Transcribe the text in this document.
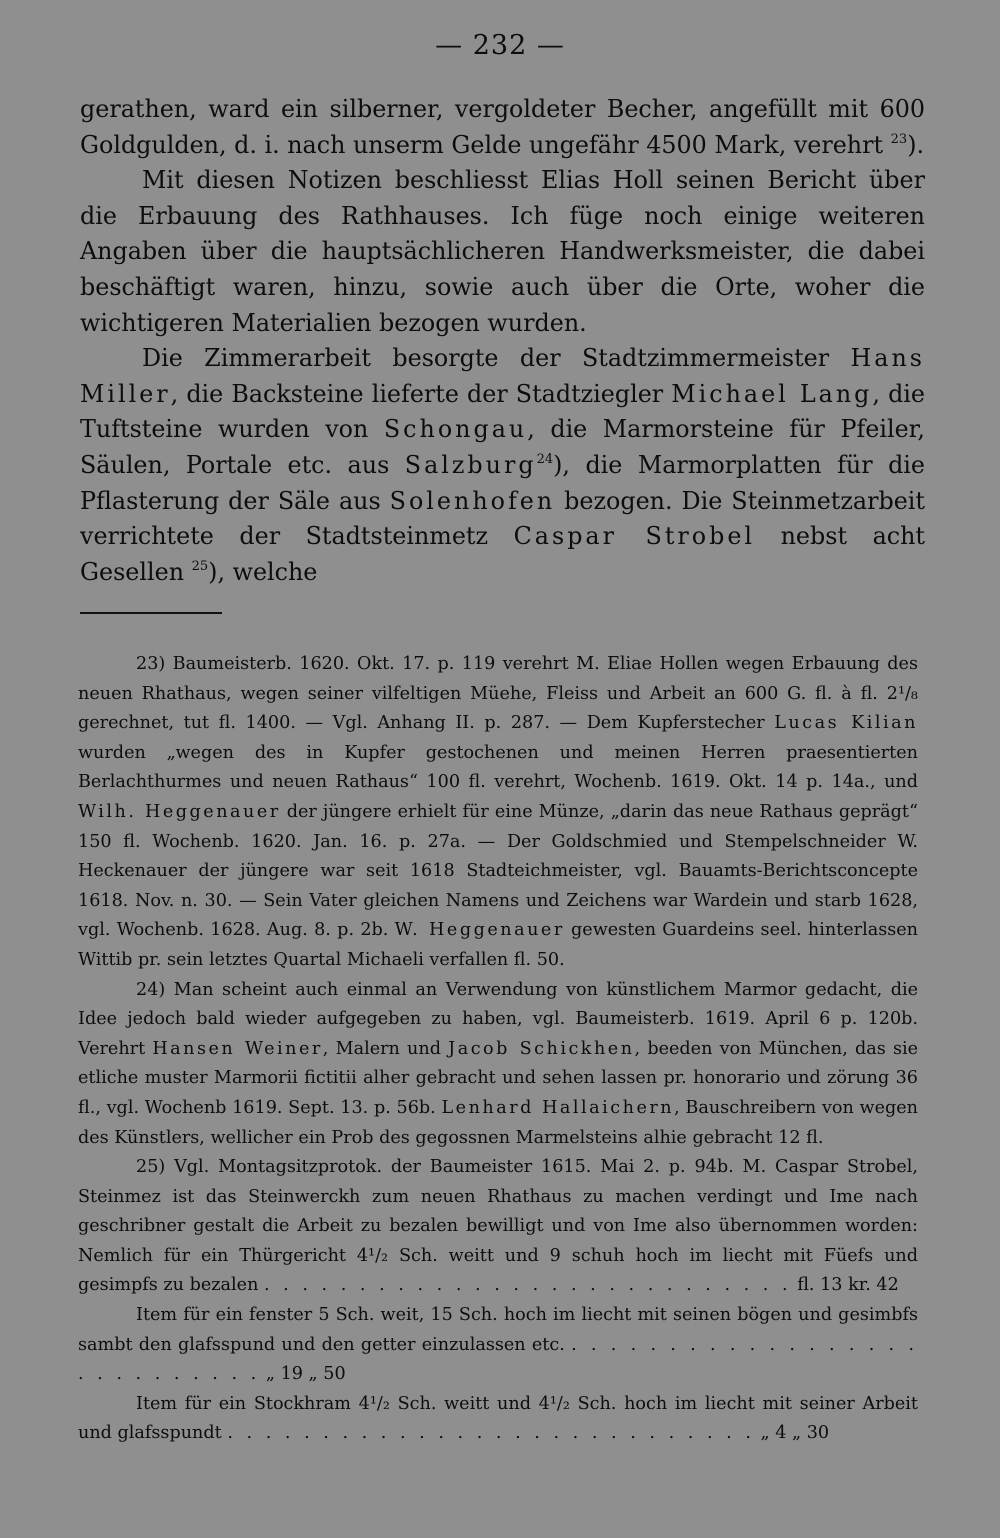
— 232 —

gerathen, ward ein silberner, vergoldeter Becher, angefüllt mit 600 Goldgulden, d. i. nach unserm Gelde ungefähr 4500 Mark, verehrt $^{23}$).

Mit diesen Notizen beschliesst Elias Holl seinen Bericht über die Erbauung des Rathhauses. Ich füge noch einige weiteren Angaben über die hauptsächlicheren Handwerksmeister, die dabei beschäftigt waren, hinzu, sowie auch über die Orte, woher die wichtigeren Materialien bezogen wurden.

Die Zimmerarbeit besorgte der Stadtzimmermeister Hans Miller, die Backsteine lieferte der Stadtziegler Michael Lang, die Tuftsteine wurden von Schongau, die Marmorsteine für Pfeiler, Säulen, Portale etc. aus Salzburg$^{24}$), die Marmorplatten für die Pflasterung der Säle aus Solenhofen bezogen. Die Steinmetzarbeit verrichtete der Stadtsteinmetz Caspar Strobel nebst acht Gesellen $^{25}$), welche

23) Baumeisterb. 1620. Okt. 17. p. 119 verehrt M. Eliae Hollen wegen Erbauung des neuen Rhathaus, wegen seiner vilfeltigen Müehe, Fleiss und Arbeit an 600 G. fl. à fl. 2¹/₈ gerechnet, tut fl. 1400. — Vgl. Anhang II. p. 287. — Dem Kupferstecher Lucas Kilian wurden „wegen des in Kupfer gestochenen und meinen Herren praesentierten Berlachthurmes und neuen Rathaus“ 100 fl. verehrt, Wochenb. 1619. Okt. 14 p. 14a., und Wilh. Heggenauer der jüngere erhielt für eine Münze, „darin das neue Rathaus geprägt“ 150 fl. Wochenb. 1620. Jan. 16. p. 27a. — Der Goldschmied und Stempelschneider W. Heckenauer der jüngere war seit 1618 Stadteichmeister, vgl. Bauamts-Berichtsconcepte 1618. Nov. n. 30. — Sein Vater gleichen Namens und Zeichens war Wardein und starb 1628, vgl. Wochenb. 1628. Aug. 8. p. 2b. W. Heggenauer gewesten Guardeins seel. hinterlassen Wittib pr. sein letztes Quartal Michaeli verfallen fl. 50.

24) Man scheint auch einmal an Verwendung von künstlichem Marmor gedacht, die Idee jedoch bald wieder aufgegeben zu haben, vgl. Baumeisterb. 1619. April 6 p. 120b. Verehrt Hansen Weiner, Malern und Jacob Schickhen, beeden von München, das sie etliche muster Marmorii fictitii alher gebracht und sehen lassen pr. honorario und zörung 36 fl., vgl. Wochenb 1619. Sept. 13. p. 56b. Lenhard Hallaichern, Bauschreibern von wegen des Künstlers, wellicher ein Prob des gegossnen Marmelsteins alhie gebracht 12 fl.

25) Vgl. Montagsitzprotok. der Baumeister 1615. Mai 2. p. 94b. M. Caspar Strobel, Steinmez ist das Steinwerckh zum neuen Rhathaus zu machen verdingt und Ime nach geschribner gestalt die Arbeit zu bezalen bewilligt und von Ime also übernommen worden: Nemlich für ein Thürgericht 4¹/₂ Sch. weitt und 9 schuh hoch im liecht mit Füefs und gesimpfs zu bezalen . . . . . . . . . . . . . . . . . . . . . . . . . . . . fl. 13 kr. 42

Item für ein fenster 5 Sch. weit, 15 Sch. hoch im liecht mit seinen bögen und gesimbfs sambt den glafsspund und den getter einzulassen etc. . . . . . . . . . . . . . . . . . . . . . . . . . . . . „ 19 „ 50

Item für ein Stockhram 4¹/₂ Sch. weitt und 4¹/₂ Sch. hoch im liecht mit seiner Arbeit und glafsspundt . . . . . . . . . . . . . . . . . . . . . . . . . . . . „ 4 „ 30
